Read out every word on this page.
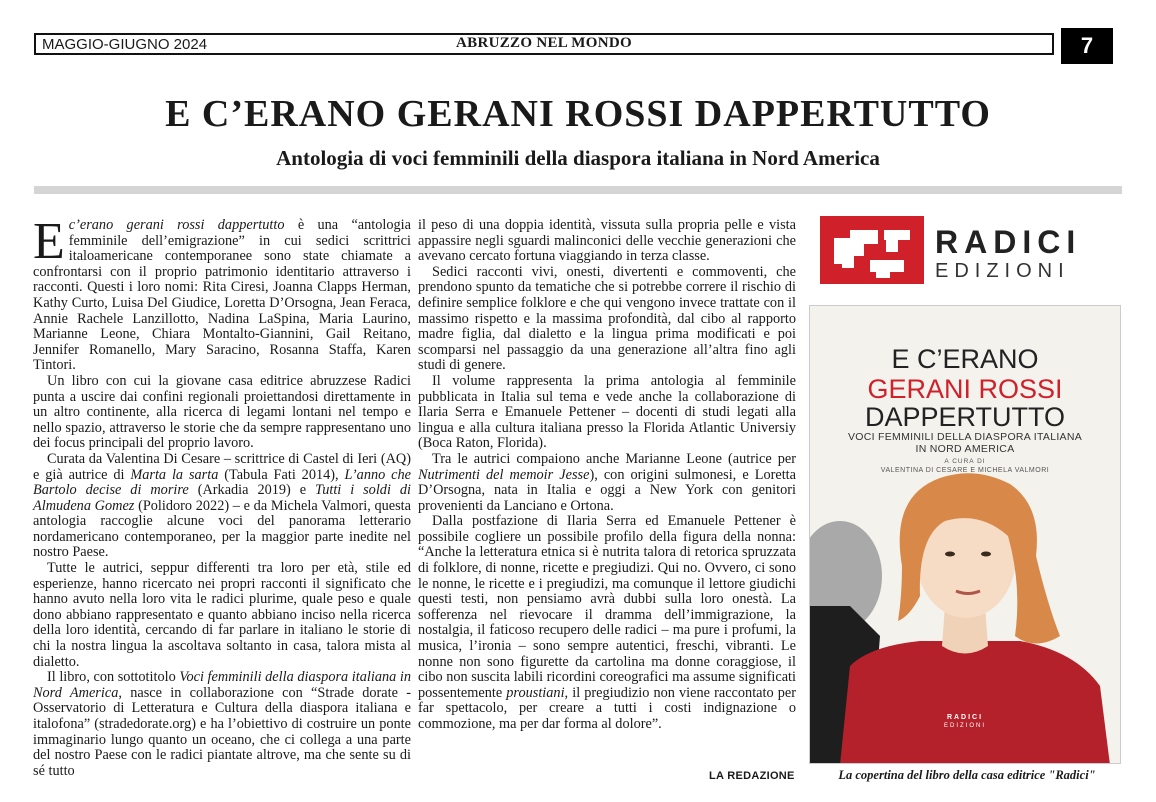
MAGGIO-GIUGNO 2024	ABRUZZO NEL MONDO	7
E C’ERANO GERANI ROSSI DAPPERTUTTO
Antologia di voci femminili della diaspora italiana in Nord America

Ec’erano gerani rossi dappertutto è una “antologia femminile dell’emigrazione” in cui sedici scrittrici italoamericane contemporanee sono state chiamate a confrontarsi con il proprio patrimonio identitario attraverso i racconti. Questi i loro nomi: Rita Ciresi, Joanna Clapps Herman, Kathy Curto, Luisa Del Giudice, Loretta D’Orsogna, Jean Feraca, Annie Rachele Lanzillotto, Nadina LaSpina, Maria Laurino, Marianne Leone, Chiara Montalto-Giannini, Gail Reitano, Jennifer Romanello, Mary Saracino, Rosanna Staffa, Karen Tintori.

Un libro con cui la giovane casa editrice abruzzese Radici punta a uscire dai confini regionali proiettandosi direttamente in un altro continente, alla ricerca di legami lontani nel tempo e nello spazio, attraverso le storie che da sempre rappresentano uno dei focus principali del proprio lavoro.

Curata da Valentina Di Cesare – scrittrice di Castel di Ieri (AQ) e già autrice di Marta la sarta (Tabula Fati 2014), L’anno che Bartolo decise di morire (Arkadia 2019) e Tutti i soldi di Almudena Gomez (Polidoro 2022) – e da Michela Valmori, questa antologia raccoglie alcune voci del panorama letterario nordamericano contemporaneo, per la maggior parte inedite nel nostro Paese.

Tutte le autrici, seppur differenti tra loro per età, stile ed esperienze, hanno ricercato nei propri racconti il significato che hanno avuto nella loro vita le radici plurime, quale peso e quale dono abbiano rappresentato e quanto abbiano inciso nella ricerca della loro identità, cercando di far parlare in italiano le storie di chi la nostra lingua la ascoltava soltanto in casa, talora mista al dialetto.

Il libro, con sottotitolo Voci femminili della diaspora italiana in Nord America, nasce in collaborazione con “Strade dorate - Osservatorio di Letteratura e Cultura della diaspora italiana e italofona” (stradedorate.org) e ha l’obiettivo di costruire un ponte immaginario lungo quanto un oceano, che ci collega a una parte del nostro Paese con le radici piantate altrove, ma che sente su di sé tutto

il peso di una doppia identità, vissuta sulla propria pelle e vista appassire negli sguardi malinconici delle vecchie generazioni che avevano cercato fortuna viaggiando in terza classe.

Sedici racconti vivi, onesti, divertenti e commoventi, che prendono spunto da tematiche che si potrebbe correre il rischio di definire semplice folklore e che qui vengono invece trattate con il massimo rispetto e la massima profondità, dal cibo al rapporto madre figlia, dal dialetto e la lingua prima modificati e poi scomparsi nel passaggio da una generazione all’altra fino agli studi di genere.

Il volume rappresenta la prima antologia al femminile pubblicata in Italia sul tema e vede anche la collaborazione di Ilaria Serra e Emanuele Pettener – docenti di studi legati alla lingua e alla cultura italiana presso la Florida Atlantic Universiy (Boca Raton, Florida).

Tra le autrici compaiono anche Marianne Leone (autrice per Nutrimenti del memoir Jesse), con origini sulmonesi, e Loretta D’Orsogna, nata in Italia e oggi a New York con genitori provenienti da Lanciano e Ortona.

Dalla postfazione di Ilaria Serra ed Emanuele Pettener è possibile cogliere un possibile profilo della figura della nonna: “Anche la letteratura etnica si è nutrita talora di retorica spruzzata di folklore, di nonne, ricette e pregiudizi. Qui no. Ovvero, ci sono le nonne, le ricette e i pregiudizi, ma comunque il lettore giudichi questi testi, non pensiamo avrà dubbi sulla loro onestà. La sofferenza nel rievocare il dramma dell’immigrazione, la nostalgia, il faticoso recupero delle radici – ma pure i profumi, la musica, l’ironia – sono sempre autentici, freschi, vibranti. Le nonne non sono figurette da cartolina ma donne coraggiose, il cibo non suscita labili ricordini coreografici ma assume significati possentemente proustiani, il pregiudizio non viene raccontato per far spettacolo, per creare a tutti i costi indignazione o commozione, ma per dar forma al dolore”.

LA REDAZIONE
RADICI
EDIZIONI
E C’ERANO
GERANI ROSSI
DAPPERTUTTO
VOCI FEMMINILI DELLA DIASPORA ITALIANA
IN NORD AMERICA
A CURA DI
VALENTINA DI CESARE E MICHELA VALMORI
RADICI
EDIZIONI
La copertina del libro della casa editrice "Radici"
